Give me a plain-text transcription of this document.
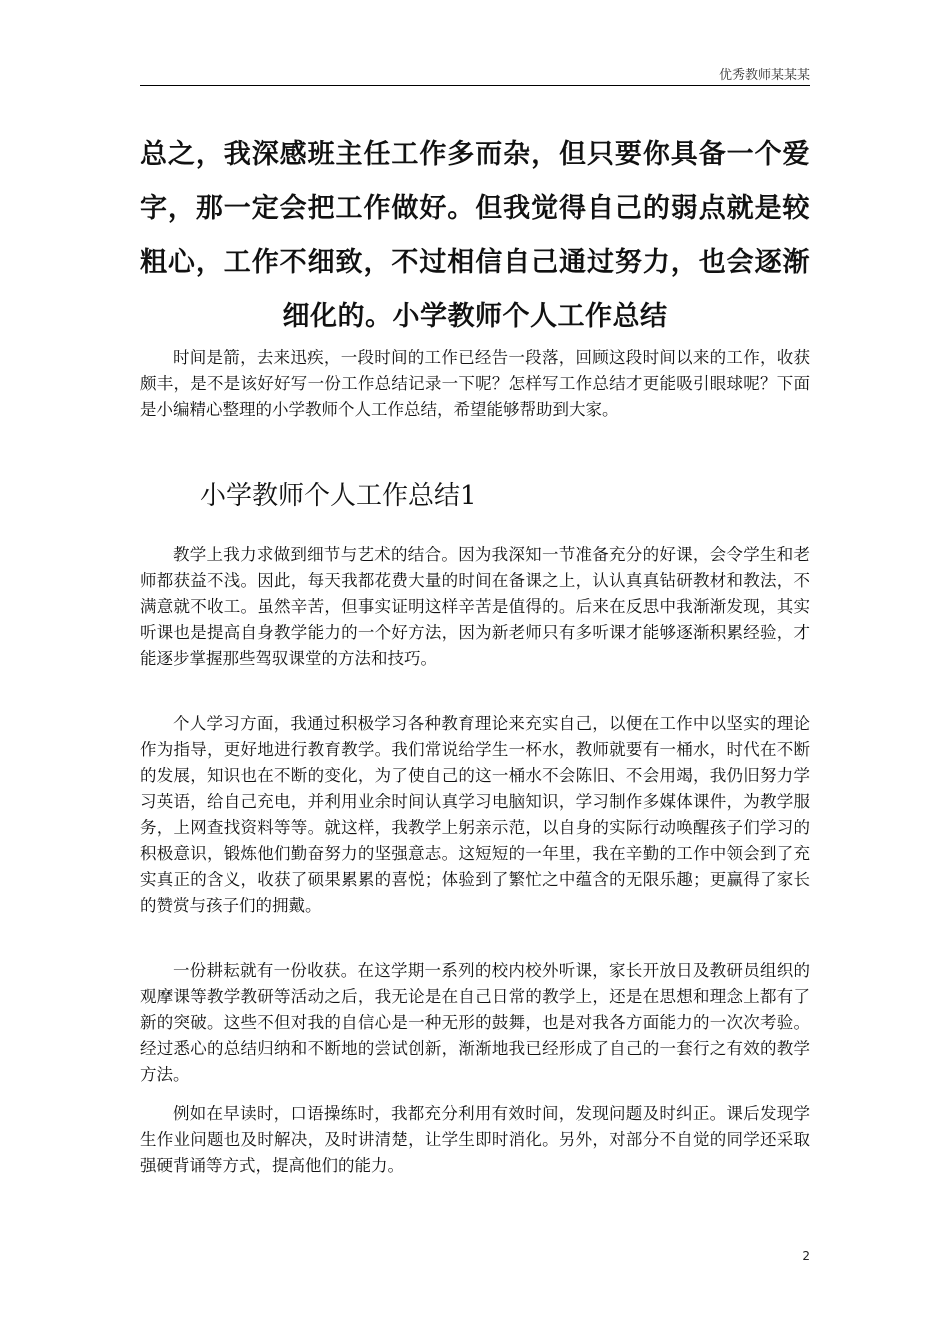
优秀教师某某某
总之，我深感班主任工作多而杂，但只要你具备一个爱字，那一定会把工作做好。但我觉得自己的弱点就是较粗心，工作不细致，不过相信自己通过努力，也会逐渐细化的。小学教师个人工作总结

时间是箭，去来迅疾，一段时间的工作已经告一段落，回顾这段时间以来的工作，收获颇丰，是不是该好好写一份工作总结记录一下呢？怎样写工作总结才更能吸引眼球呢？下面是小编精心整理的小学教师个人工作总结，希望能够帮助到大家。

小学教师个人工作总结1

教学上我力求做到细节与艺术的结合。因为我深知一节准备充分的好课，会令学生和老师都获益不浅。因此，每天我都花费大量的时间在备课之上，认认真真钻研教材和教法，不满意就不收工。虽然辛苦，但事实证明这样辛苦是值得的。后来在反思中我渐渐发现，其实听课也是提高自身教学能力的一个好方法，因为新老师只有多听课才能够逐渐积累经验，才能逐步掌握那些驾驭课堂的方法和技巧。

个人学习方面，我通过积极学习各种教育理论来充实自己，以便在工作中以坚实的理论作为指导，更好地进行教育教学。我们常说给学生一杯水，教师就要有一桶水，时代在不断的发展，知识也在不断的变化，为了使自己的这一桶水不会陈旧、不会用竭，我仍旧努力学习英语，给自己充电，并利用业余时间认真学习电脑知识，学习制作多媒体课件，为教学服务，上网查找资料等等。就这样，我教学上躬亲示范，以自身的实际行动唤醒孩子们学习的积极意识，锻炼他们勤奋努力的坚强意志。这短短的一年里，我在辛勤的工作中领会到了充实真正的含义，收获了硕果累累的喜悦；体验到了繁忙之中蕴含的无限乐趣；更赢得了家长的赞赏与孩子们的拥戴。

一份耕耘就有一份收获。在这学期一系列的校内校外听课，家长开放日及教研员组织的观摩课等教学教研等活动之后，我无论是在自己日常的教学上，还是在思想和理念上都有了新的突破。这些不但对我的自信心是一种无形的鼓舞，也是对我各方面能力的一次次考验。经过悉心的总结归纳和不断地的尝试创新，渐渐地我已经形成了自己的一套行之有效的教学方法。

例如在早读时，口语操练时，我都充分利用有效时间，发现问题及时纠正。课后发现学生作业问题也及时解决，及时讲清楚，让学生即时消化。另外，对部分不自觉的同学还采取强硬背诵等方式，提高他们的能力。

2
